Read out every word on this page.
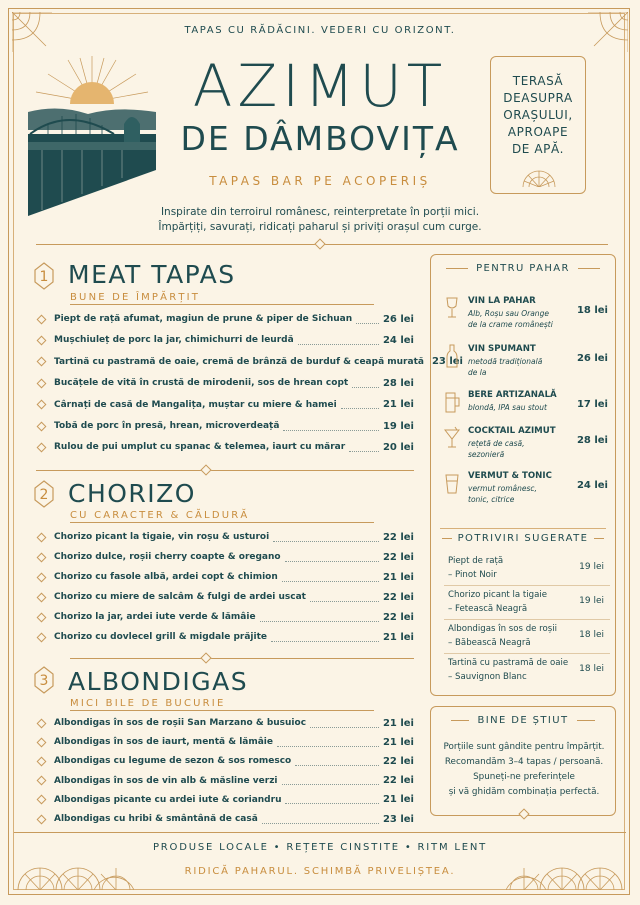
TAPAS CU RĂDĂCINI. VEDERI CU ORIZONT.
AZIMUT
DE DÂMBOVIȚA
TAPAS BAR PE ACOPERIȘ
TERASĂ
DEASUPRA
ORAȘULUI,
APROAPE
DE APĂ.
Inspirate din terroirul românesc, reinterpretate în porții mici.
Împărțiți, savurați, ridicați paharul și priviți orașul cum curge.
1 MEAT TAPAS
BUNE DE ÎMPĂRȚIT
Piept de rață afumat, magiun de prune & piper de Sichuan	26 lei
Mușchiuleț de porc la jar, chimichurri de leurdă	24 lei
Tartină cu pastramă de oaie, cremă de brânză de burduf & ceapă murată 23 lei
Bucățele de vită în crustă de mirodenii, sos de hrean copt	28 lei
Cârnați de casă de Mangalița, muștar cu miere & hamei	21 lei
Tobă de porc în presă, hrean, microverdeață	19 lei
Rulou de pui umplut cu spanac & telemea, iaurt cu mărar	20 lei
2 CHORIZO
CU CARACTER & CĂLDURĂ
Chorizo picant la tigaie, vin roșu & usturoi	22 lei
Chorizo dulce, roșii cherry coapte & oregano	22 lei
Chorizo cu fasole albă, ardei copt & chimion	21 lei
Chorizo cu miere de salcâm & fulgi de ardei uscat	22 lei
Chorizo la jar, ardei iute verde & lămâie	22 lei
Chorizo cu dovlecel grill & migdale prăjite	21 lei
3 ALBONDIGAS
MICI BILE DE BUCURIE
Albondigas în sos de roșii San Marzano & busuioc	21 lei
Albondigas în sos de iaurt, mentă & lămâie	21 lei
Albondigas cu legume de sezon & sos romesco	22 lei
Albondigas în sos de vin alb & măsline verzi	22 lei
Albondigas picante cu ardei iute & coriandru	21 lei
Albondigas cu hribi & smântână de casă	23 lei
PENTRU PAHAR
VIN LA PAHAR
Alb, Roșu sau Orange
de la crame românești
18 lei
VIN SPUMANT
metodă tradițională
de la
26 lei
BERE ARTIZANALĂ
blondă, IPA sau stout	17 lei
COCKTAIL AZIMUT
rețetă de casă,
sezonieră
28 lei
VERMUT & TONIC
vermut românesc,
tonic, citrice
24 lei
POTRIVIRI SUGERATE
Piept de rață
– Pinot Noir
19 lei
Chorizo picant la tigaie
– Fetească Neagră
19 lei
Albondigas în sos de roșii
– Băbească Neagră
18 lei
Tartină cu pastramă de oaie
– Sauvignon Blanc
18 lei
BINE DE ȘTIUT
Porțiile sunt gândite pentru împărțit.
Recomandăm 3–4 tapas / persoană.
Spuneți-ne preferințele
și vă ghidăm combinația perfectă.
PRODUSE LOCALE • REȚETE CINSTITE • RITM LENT
RIDICĂ PAHARUL. SCHIMBĂ PRIVELIȘTEA.
